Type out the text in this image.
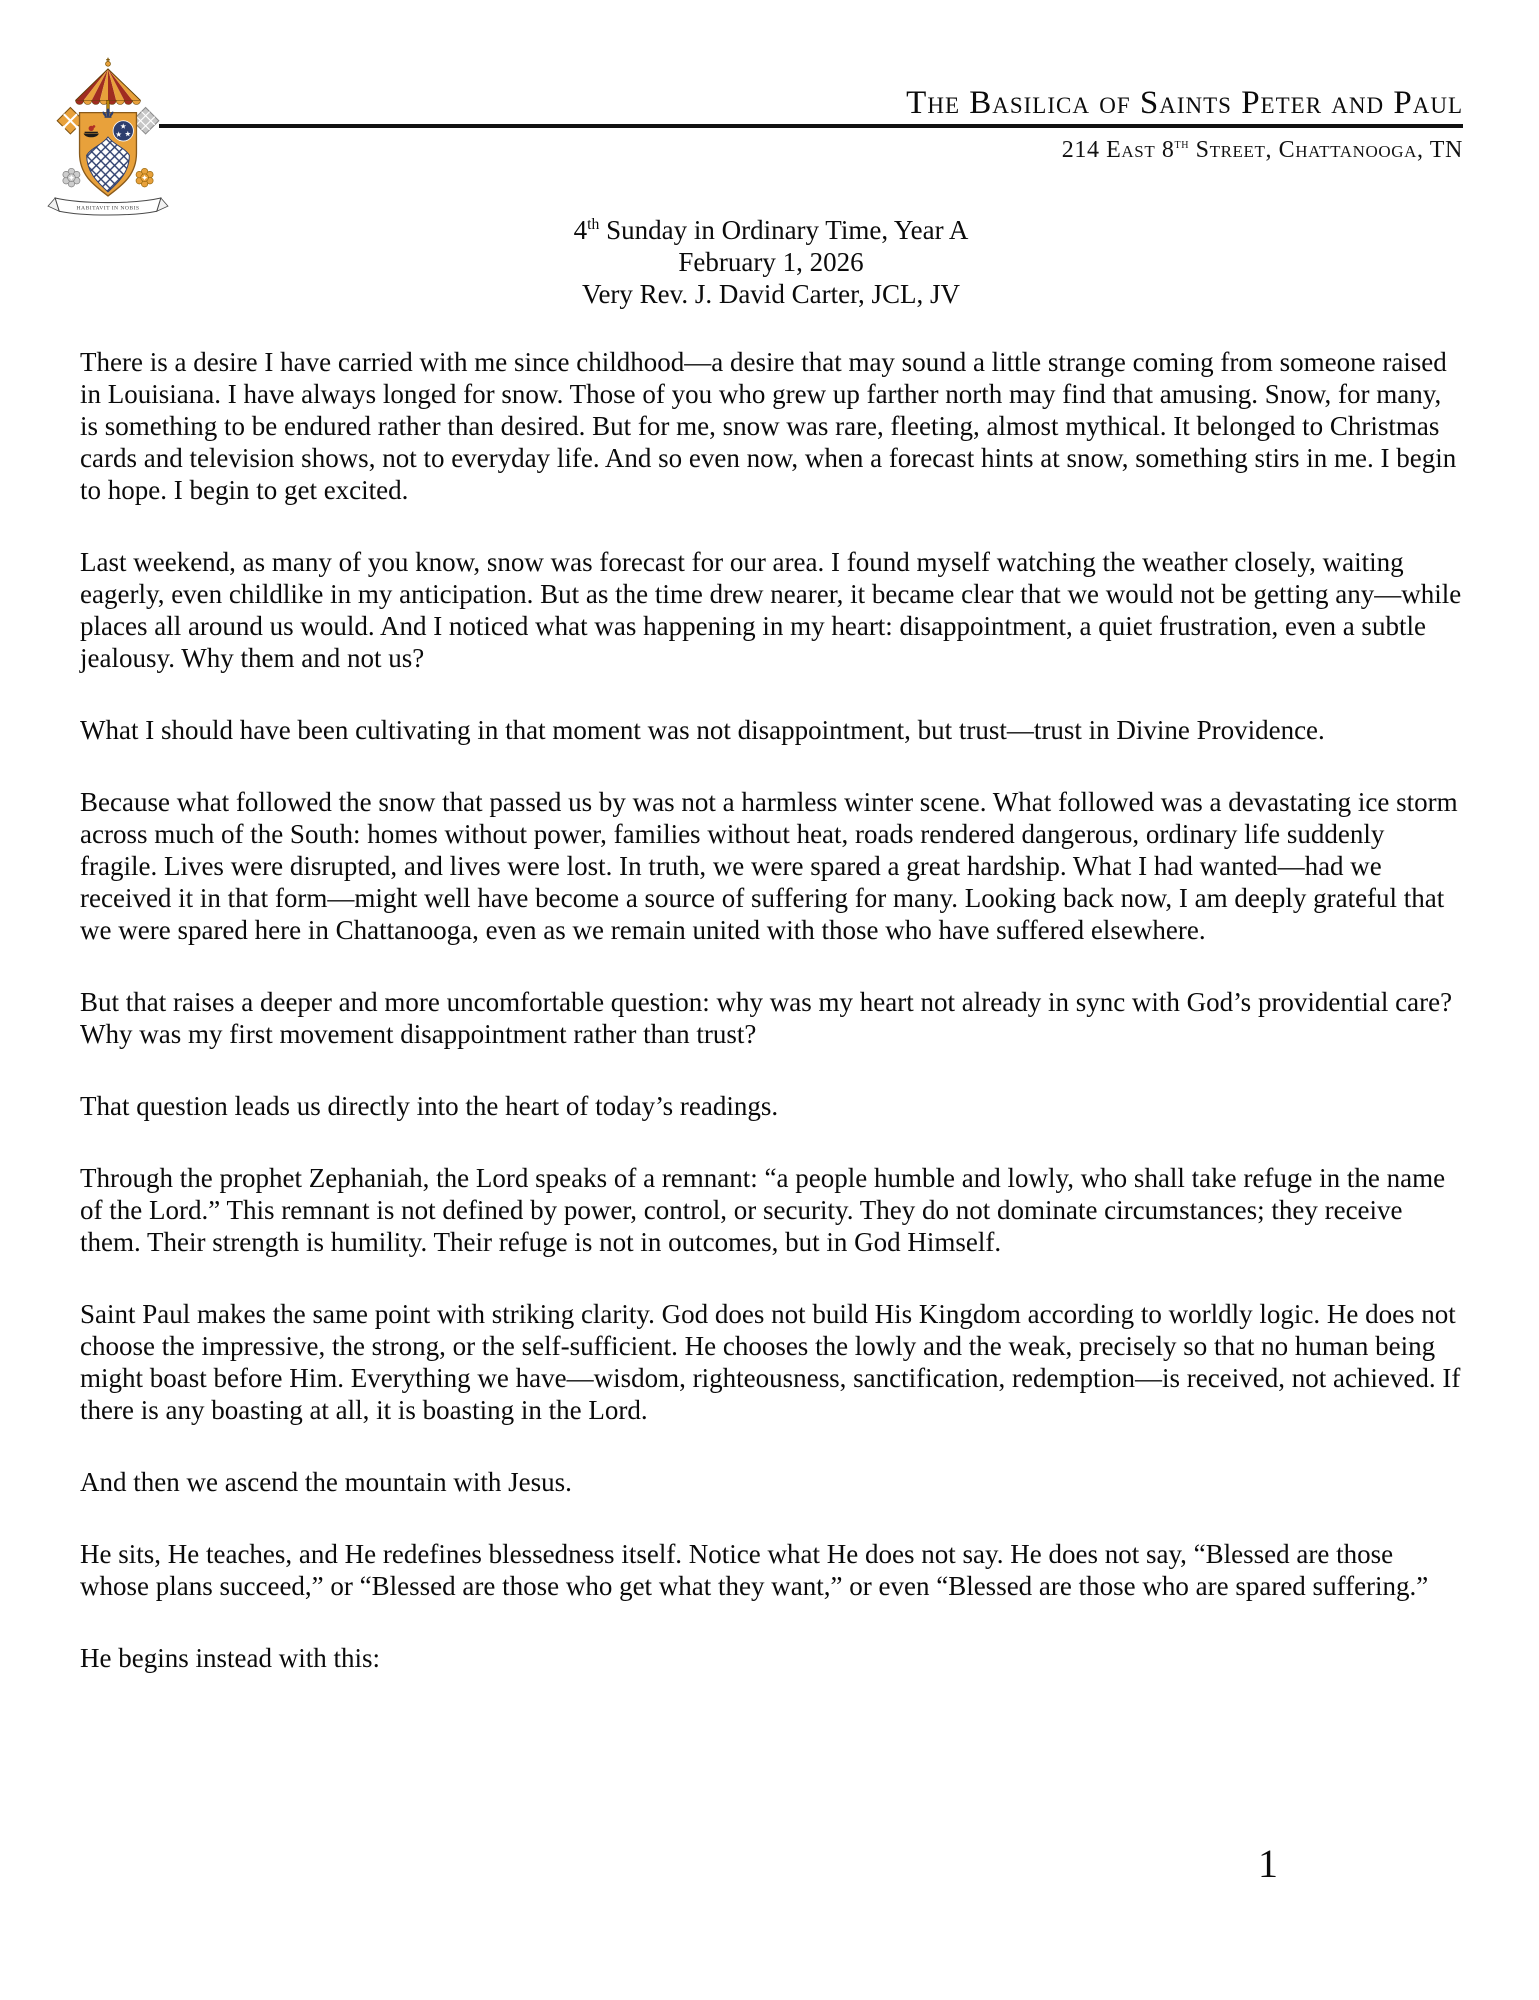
HABITAVIT IN NOBIS
The Basilica of Saints Peter and Paul
214 East 8th Street, Chattanooga, TN
4th Sunday in Ordinary Time, Year A
February 1, 2026
Very Rev. J. David Carter, JCL, JV

There is a desire I have carried with me since childhood—a desire that may sound a little strange coming from someone raised in Louisiana. I have always longed for snow. Those of you who grew up farther north may find that amusing. Snow, for many, is something to be endured rather than desired. But for me, snow was rare, fleeting, almost mythical. It belonged to Christmas cards and television shows, not to everyday life. And so even now, when a forecast hints at snow, something stirs in me. I begin to hope. I begin to get excited.

Last weekend, as many of you know, snow was forecast for our area. I found myself watching the weather closely, waiting eagerly, even childlike in my anticipation. But as the time drew nearer, it became clear that we would not be getting any—while places all around us would. And I noticed what was happening in my heart: disappointment, a quiet frustration, even a subtle jealousy. Why them and not us?

What I should have been cultivating in that moment was not disappointment, but trust—trust in Divine Providence.

Because what followed the snow that passed us by was not a harmless winter scene. What followed was a devastating ice storm across much of the South: homes without power, families without heat, roads rendered dangerous, ordinary life suddenly fragile. Lives were disrupted, and lives were lost. In truth, we were spared a great hardship. What I had wanted—had we received it in that form—might well have become a source of suffering for many. Looking back now, I am deeply grateful that we were spared here in Chattanooga, even as we remain united with those who have suffered elsewhere.

But that raises a deeper and more uncomfortable question: why was my heart not already in sync with God’s providential care? Why was my first movement disappointment rather than trust?

That question leads us directly into the heart of today’s readings.

Through the prophet Zephaniah, the Lord speaks of a remnant: “a people humble and lowly, who shall take refuge in the name of the Lord.” This remnant is not defined by power, control, or security. They do not dominate circumstances; they receive them. Their strength is humility. Their refuge is not in outcomes, but in God Himself.

Saint Paul makes the same point with striking clarity. God does not build His Kingdom according to worldly logic. He does not choose the impressive, the strong, or the self-sufficient. He chooses the lowly and the weak, precisely so that no human being might boast before Him. Everything we have—wisdom, righteousness, sanctification, redemption—is received, not achieved. If there is any boasting at all, it is boasting in the Lord.

And then we ascend the mountain with Jesus.

He sits, He teaches, and He redefines blessedness itself. Notice what He does not say. He does not say, “Blessed are those whose plans succeed,” or “Blessed are those who get what they want,” or even “Blessed are those who are spared suffering.”

He begins instead with this:

1
